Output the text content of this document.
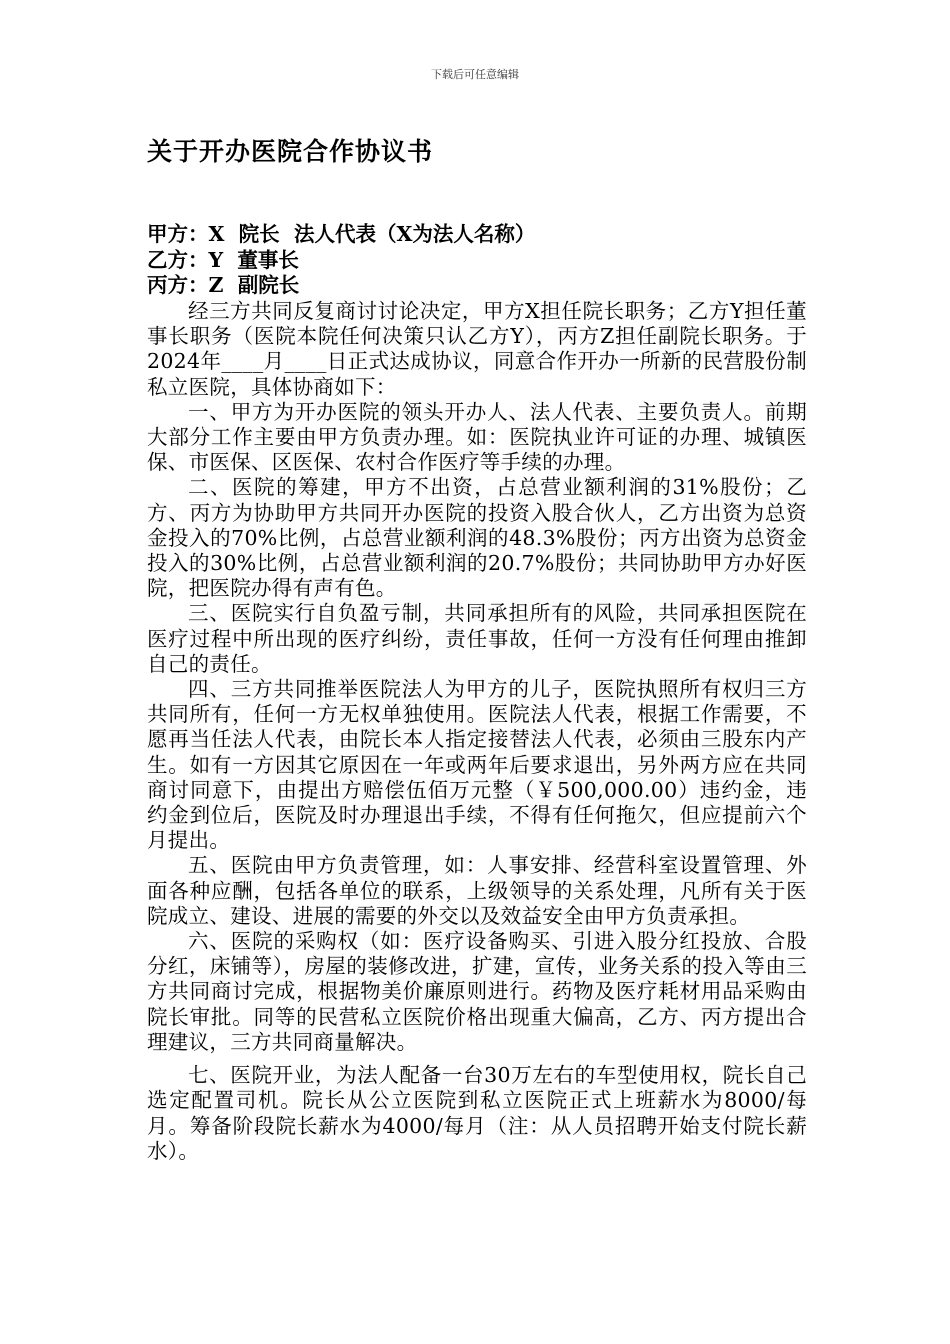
下载后可任意编辑
关于开办医院合作协议书

甲方：X  院长  法人代表（X为法人名称）

乙方：Y  董事长

丙方：Z  副院长

经三方共同反复商讨讨论决定，甲方X担任院长职务；乙方Y担任董事长职务（医院本院任何决策只认乙方Y），丙方Z担任副院长职务。于2024年____月____日正式达成协议，同意合作开办一所新的民营股份制私立医院，具体协商如下：

一、甲方为开办医院的领头开办人、法人代表、主要负责人。前期大部分工作主要由甲方负责办理。如：医院执业许可证的办理、城镇医保、市医保、区医保、农村合作医疗等手续的办理。

二、医院的筹建，甲方不出资，占总营业额利润的31%股份；乙方、丙方为协助甲方共同开办医院的投资入股合伙人，乙方出资为总资金投入的70%比例，占总营业额利润的48.3%股份；丙方出资为总资金投入的30%比例，占总营业额利润的20.7%股份；共同协助甲方办好医院，把医院办得有声有色。

三、医院实行自负盈亏制，共同承担所有的风险，共同承担医院在医疗过程中所出现的医疗纠纷，责任事故，任何一方没有任何理由推卸自己的责任。

四、三方共同推举医院法人为甲方的儿子，医院执照所有权归三方共同所有，任何一方无权单独使用。医院法人代表，根据工作需要，不愿再当任法人代表，由院长本人指定接替法人代表，必须由三股东内产生。如有一方因其它原因在一年或两年后要求退出，另外两方应在共同商讨同意下，由提出方赔偿伍佰万元整（￥500,000.00）违约金，违约金到位后，医院及时办理退出手续，不得有任何拖欠，但应提前六个月提出。

五、医院由甲方负责管理，如：人事安排、经营科室设置管理、外面各种应酬，包括各单位的联系，上级领导的关系处理，凡所有关于医院成立、建设、进展的需要的外交以及效益安全由甲方负责承担。

六、医院的采购权（如：医疗设备购买、引进入股分红投放、合股分红，床铺等），房屋的装修改进，扩建，宣传，业务关系的投入等由三方共同商讨完成，根据物美价廉原则进行。药物及医疗耗材用品采购由院长审批。同等的民营私立医院价格出现重大偏高，乙方、丙方提出合理建议，三方共同商量解决。

七、医院开业，为法人配备一台30万左右的车型使用权，院长自己选定配置司机。院长从公立医院到私立医院正式上班薪水为8000/每月。筹备阶段院长薪水为4000/每月（注：从人员招聘开始支付院长薪水）。
